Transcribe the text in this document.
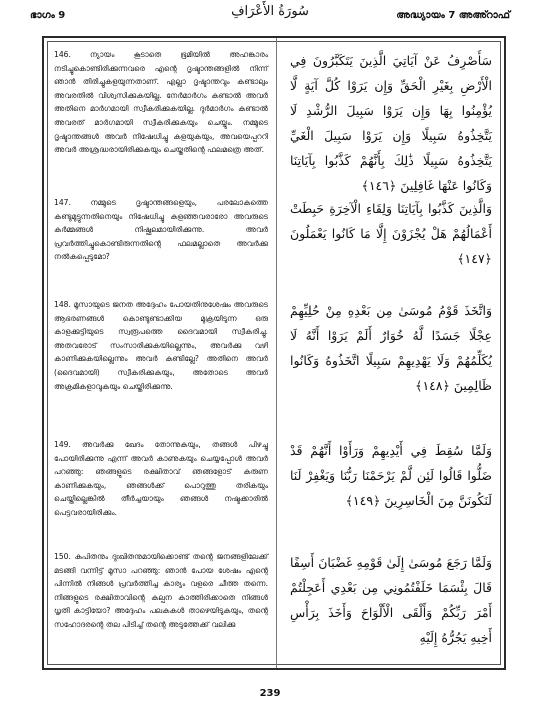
ഭാഗം 9	سُورَةُ الأَعْرَافِ	അദ്ധ്യായം 7 അഅ്റാഫ്
146. ന്യായം കൂടാതെ ഭൂമിയിൽ അഹങ്കാരം നടിച്ചുകൊണ്ടിരിക്കുന്നവരെ എന്റെ ദൃഷ്ടാന്തങ്ങളിൽ നിന്ന് ഞാൻ തിരിച്ചുകളയുന്നതാണ്. എല്ലാ ദൃഷ്ടാന്തവും കണ്ടാലും അവരതിൽ വിശ്വസിക്കുകയില്ല. നേർമാർഗം കണ്ടാൽ അവർ അതിനെ മാർഗമായി സ്വീകരിക്കുകയില്ല. ദുർമാർഗം കണ്ടാൽ അവരത് മാർഗമായി സ്വീകരിക്കുകയും ചെയ്യും. നമ്മുടെ ദൃഷ്ടാന്തങ്ങൾ അവർ നിഷേധിച്ചു കളയുകയും, അവയെപ്പററി അവർ അശ്രദ്ധരായിരിക്കുകയും ചെയ്തതിന്റെ ഫലമത്രെ അത്.
سَأَصْرِفُ عَنْ آيَاتِيَ الَّذِينَ يَتَكَبَّرُونَ فِي الْأَرْضِ بِغَيْرِ الْحَقِّ وَإِن يَرَوْا كُلَّ آيَةٍ لَّا يُؤْمِنُوا بِهَا وَإِن يَرَوْا سَبِيلَ الرُّشْدِ لَا يَتَّخِذُوهُ سَبِيلًا وَإِن يَرَوْا سَبِيلَ الْغَيِّ يَتَّخِذُوهُ سَبِيلًا ذَٰلِكَ بِأَنَّهُمْ كَذَّبُوا بِآيَاتِنَا وَكَانُوا عَنْهَا غَافِلِينَ ﴿١٤٦﴾
147. നമ്മുടെ ദൃഷ്ടാന്തങ്ങളെയും, പരലോകത്തെ കണ്ടുമുട്ടുന്നതിനെയും നിഷേധിച്ചു കളഞ്ഞവരാരോ അവരുടെ കർമ്മങ്ങൾ നിഷ്ഫലമായിരിക്കുന്നു. അവർ പ്രവർത്തിച്ചുകൊണ്ടിരുന്നതിന്റെ ഫലമല്ലാതെ അവർക്കു നൽകപ്പെടുമോ?
وَالَّذِينَ كَذَّبُوا بِآيَاتِنَا وَلِقَاءِ الْآخِرَةِ حَبِطَتْ أَعْمَالُهُمْ هَلْ يُجْزَوْنَ إِلَّا مَا كَانُوا يَعْمَلُونَ ﴿١٤٧﴾
148. മൂസായുടെ ജനത അദ്ദേഹം പോയതിനുശേഷം അവരുടെ ആഭരണങ്ങൾ കൊണ്ടുണ്ടാക്കിയ മുക്രയിടുന്ന ഒരു കാളക്കുട്ടിയുടെ സ്വരൂപത്തെ ദൈവമായി സ്വീകരിച്ചു. അതവരോട് സംസാരിക്കുകയില്ലെന്നും, അവർക്കു വഴി കാണിക്കുകയില്ലെന്നും അവർ കണ്ടില്ലേ? അതിനെ അവർ (ദൈവമായി) സ്വീകരിക്കുകയും, അതോടെ അവർ അക്രമികളാവുകയും ചെയ്തിരിക്കുന്നു.
وَاتَّخَذَ قَوْمُ مُوسَىٰ مِن بَعْدِهِ مِنْ حُلِيِّهِمْ عِجْلًا جَسَدًا لَّهُ خُوَارٌ أَلَمْ يَرَوْا أَنَّهُ لَا يُكَلِّمُهُمْ وَلَا يَهْدِيهِمْ سَبِيلًا اتَّخَذُوهُ وَكَانُوا ظَالِمِينَ ﴿١٤٨﴾
149. അവർക്കു ഖേദം തോന്നുകയും, തങ്ങൾ പിഴച്ചു പോയിരിക്കുന്നു എന്ന് അവർ കാണുകയും ചെയ്യപ്പോൾ അവർ പറഞ്ഞു: ഞങ്ങളുടെ രക്ഷിതാവ് ഞങ്ങളോട് കരുണ കാണിക്കുകയും, ഞങ്ങൾക്ക് പൊറുത്തു തരികയും ചെയ്തില്ലെങ്കിൽ തീർച്ചയായും ഞങ്ങൾ നഷ്ടക്കാരിൽ പെട്ടവരായിരിക്കും.
وَلَمَّا سُقِطَ فِي أَيْدِيهِمْ وَرَأَوْا أَنَّهُمْ قَدْ ضَلُّوا قَالُوا لَئِن لَّمْ يَرْحَمْنَا رَبُّنَا وَيَغْفِرْ لَنَا لَنَكُونَنَّ مِنَ الْخَاسِرِينَ ﴿١٤٩﴾
150. കുപിതനും ദുഃഖിതനുമായിക്കൊണ്ട് തന്റെ ജനങ്ങളിലേക്ക് മടങ്ങി വന്നിട്ട് മൂസാ പറഞ്ഞു: ഞാൻ പോയ ശേഷം എന്റെ പിന്നിൽ നിങ്ങൾ പ്രവർത്തിച്ച കാര്യം വളരെ ചീത്ത തന്നെ. നിങ്ങളുടെ രക്ഷിതാവിന്റെ കല്പന കാത്തിരിക്കാതെ നിങ്ങൾ ധൃതി കാട്ടിയോ? അദ്ദേഹം പലകകൾ താഴെയിടുകയും, തന്റെ സഹോദരന്റെ തല പിടിച്ച് തന്റെ അടുത്തേക്ക് വലിക്കു
وَلَمَّا رَجَعَ مُوسَىٰ إِلَىٰ قَوْمِهِ غَضْبَانَ أَسِفًا قَالَ بِئْسَمَا خَلَفْتُمُونِي مِن بَعْدِي أَعَجِلْتُمْ أَمْرَ رَبِّكُمْ وَأَلْقَى الْأَلْوَاحَ وَأَخَذَ بِرَأْسِ أَخِيهِ يَجُرُّهُ إِلَيْهِ
239
